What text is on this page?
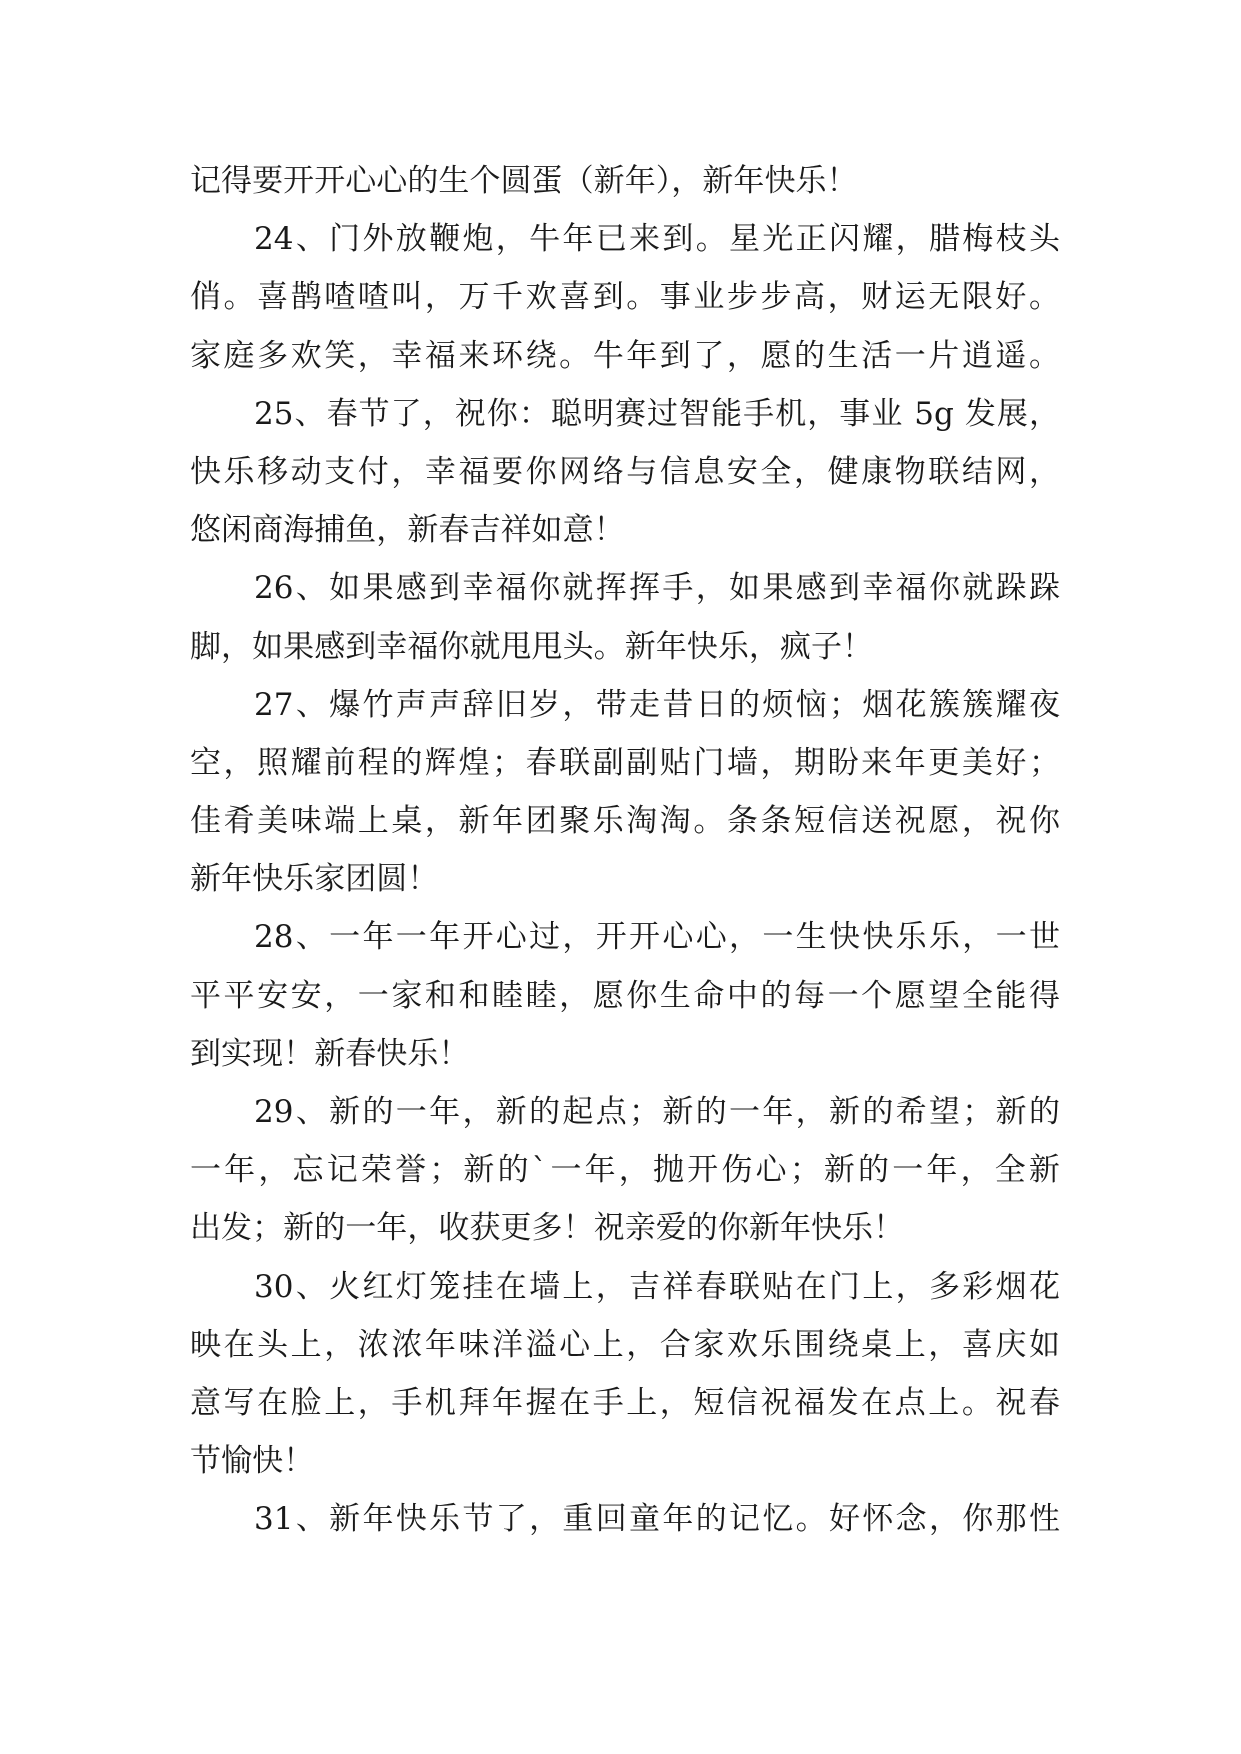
记得要开开心心的生个圆蛋（新年），新年快乐！
24、门外放鞭炮，牛年已来到。星光正闪耀，腊梅枝头
俏。喜鹊喳喳叫，万千欢喜到。事业步步高，财运无限好。
家庭多欢笑，幸福来环绕。牛年到了，愿的生活一片逍遥。
25、春节了，祝你：聪明赛过智能手机，事业 5g 发展，
快乐移动支付，幸福要你网络与信息安全，健康物联结网，
悠闲商海捕鱼，新春吉祥如意！
26、如果感到幸福你就挥挥手，如果感到幸福你就跺跺
脚，如果感到幸福你就甩甩头。新年快乐，疯子！
27、爆竹声声辞旧岁，带走昔日的烦恼；烟花簇簇耀夜
空，照耀前程的辉煌；春联副副贴门墙，期盼来年更美好；
佳肴美味端上桌，新年团聚乐淘淘。条条短信送祝愿，祝你
新年快乐家团圆！
28、一年一年开心过，开开心心，一生快快乐乐，一世
平平安安，一家和和睦睦，愿你生命中的每一个愿望全能得
到实现！新春快乐！
29、新的一年，新的起点；新的一年，新的希望；新的
一年，忘记荣誉；新的`一年，抛开伤心；新的一年，全新
出发；新的一年，收获更多！祝亲爱的你新年快乐！
30、火红灯笼挂在墙上，吉祥春联贴在门上，多彩烟花
映在头上，浓浓年味洋溢心上，合家欢乐围绕桌上，喜庆如
意写在脸上，手机拜年握在手上，短信祝福发在点上。祝春
节愉快！
31、新年快乐节了，重回童年的记忆。好怀念，你那性
